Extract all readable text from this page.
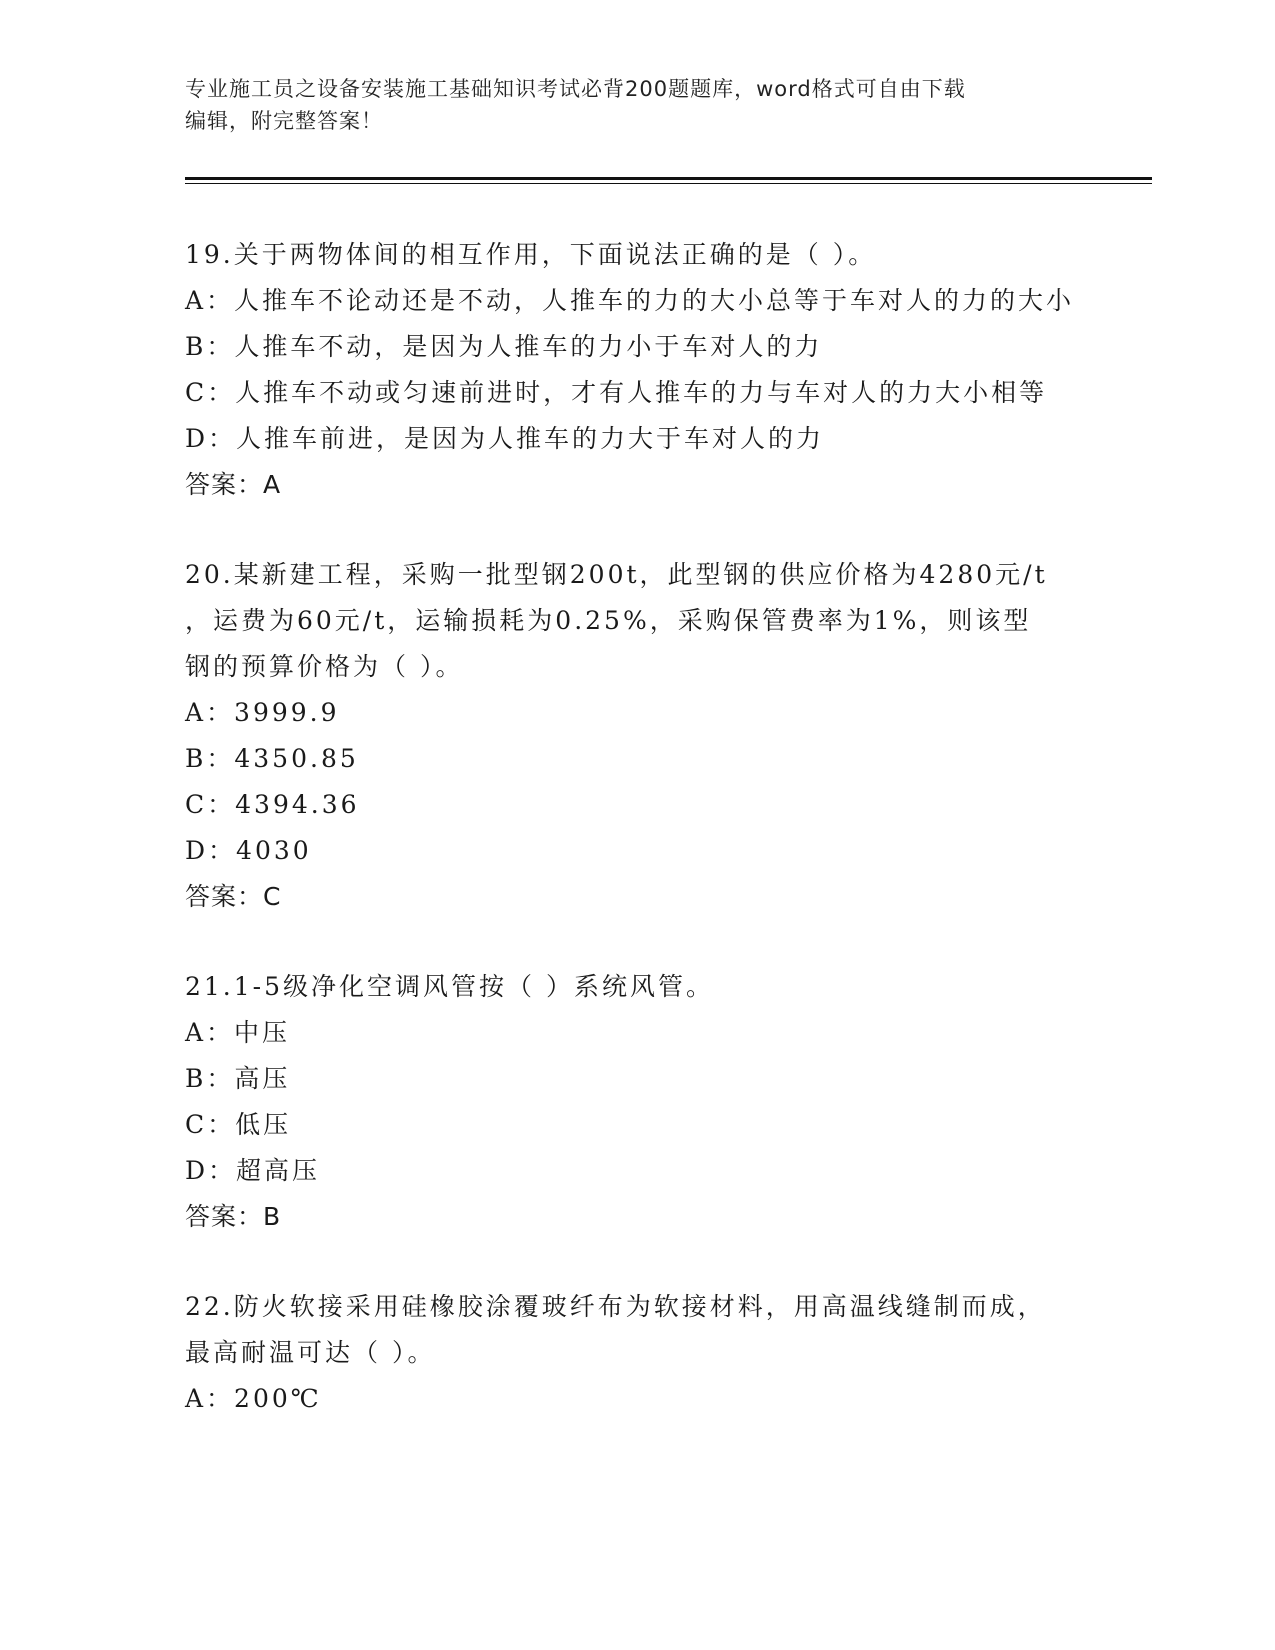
专业施工员之设备安装施工基础知识考试必背200题题库，word格式可自由下载
编辑，附完整答案！
19.关于两物体间的相互作用，下面说法正确的是（ ）。
A：人推车不论动还是不动，人推车的力的大小总等于车对人的力的大小
B：人推车不动，是因为人推车的力小于车对人的力
C：人推车不动或匀速前进时，才有人推车的力与车对人的力大小相等
D：人推车前进，是因为人推车的力大于车对人的力
答案：A
20.某新建工程，采购一批型钢200t，此型钢的供应价格为4280元/t
，运费为60元/t，运输损耗为0.25%，采购保管费率为1%，则该型
钢的预算价格为（ ）。
A：3999.9
B：4350.85
C：4394.36
D：4030
答案：C
21.1-5级净化空调风管按（ ）系统风管。
A：中压
B：高压
C：低压
D：超高压
答案：B
22.防火软接采用硅橡胶涂覆玻纤布为软接材料，用高温线缝制而成，
最高耐温可达（ ）。
A：200℃
